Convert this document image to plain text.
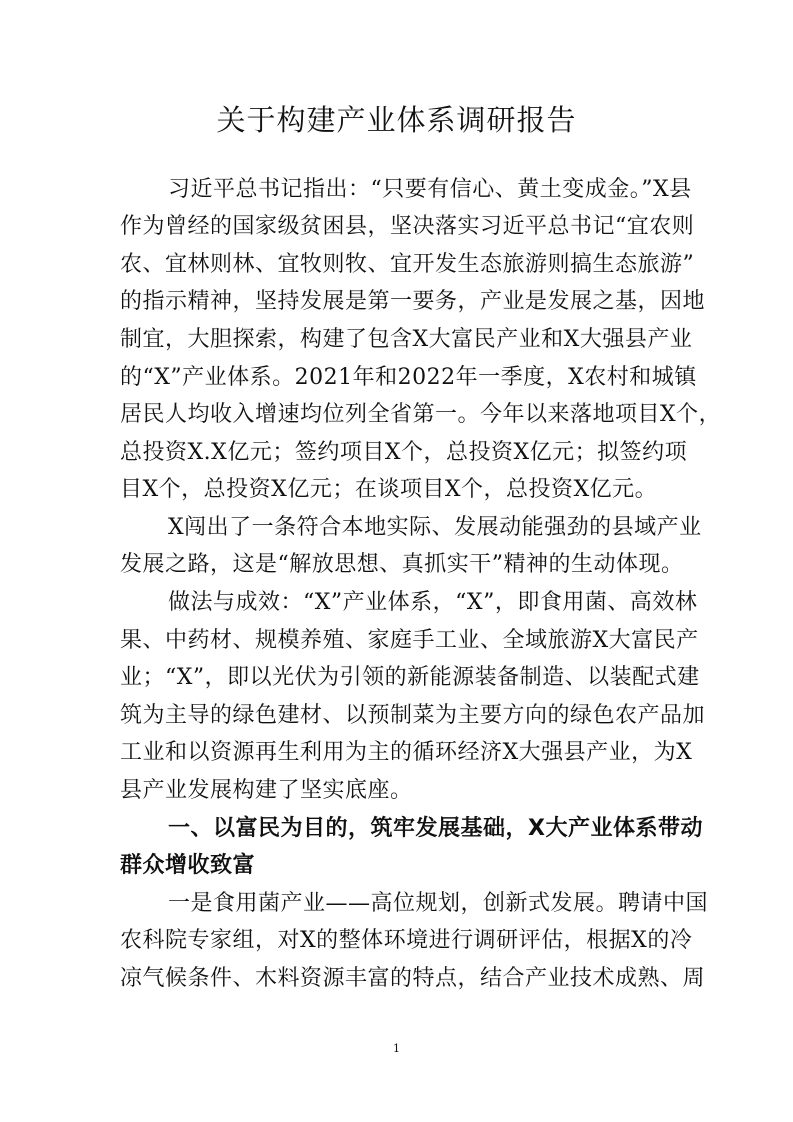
关于构建产业体系调研报告
习近平总书记指出：“只要有信心、黄土变成金。”X县
作为曾经的国家级贫困县，坚决落实习近平总书记“宜农则
农、宜林则林、宜牧则牧、宜开发生态旅游则搞生态旅游”
的指示精神，坚持发展是第一要务，产业是发展之基，因地
制宜，大胆探索，构建了包含X大富民产业和X大强县产业
的“X”产业体系。2021年和2022年一季度，X农村和城镇
居民人均收入增速均位列全省第一。今年以来落地项目X个，
总投资X.X亿元；签约项目X个，总投资X亿元；拟签约项
目X个，总投资X亿元；在谈项目X个，总投资X亿元。
X闯出了一条符合本地实际、发展动能强劲的县域产业
发展之路，这是“解放思想、真抓实干”精神的生动体现。
做法与成效：“X”产业体系，“X”，即食用菌、高效林
果、中药材、规模养殖、家庭手工业、全域旅游X大富民产
业；“X”，即以光伏为引领的新能源装备制造、以装配式建
筑为主导的绿色建材、以预制菜为主要方向的绿色农产品加
工业和以资源再生利用为主的循环经济X大强县产业，为X
县产业发展构建了坚实底座。
一、以富民为目的，筑牢发展基础，X大产业体系带动
群众增收致富
一是食用菌产业——高位规划，创新式发展。聘请中国
农科院专家组，对X的整体环境进行调研评估，根据X的冷
凉气候条件、木料资源丰富的特点，结合产业技术成熟、周
1
